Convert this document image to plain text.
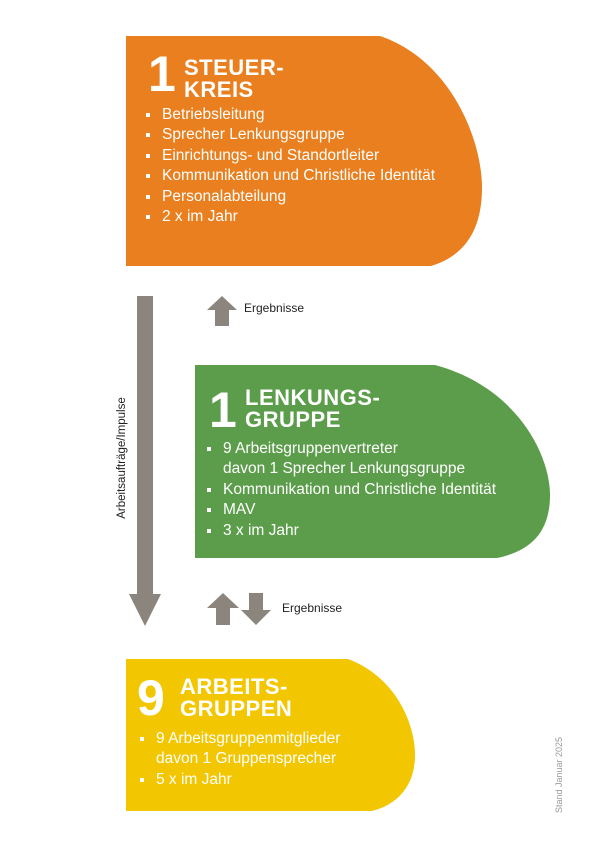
1 STEUER-
KREIS
Betriebsleitung
Sprecher Lenkungsgruppe
Einrichtungs- und Standortleiter
Kommunikation und Christliche Identität
Personalabteilung
2 x im Jahr
Arbeitsaufträge/Impulse
Ergebnisse
1 LENKUNGS-
GRUPPE
9 Arbeitsgruppenvertreter
davon 1 Sprecher Lenkungsgruppe
Kommunikation und Christliche Identität
MAV
3 x im Jahr
Ergebnisse
9 ARBEITS-
GRUPPEN
9 Arbeitsgruppenmitglieder
davon 1 Gruppensprecher
5 x im Jahr	Stand Januar 2025
